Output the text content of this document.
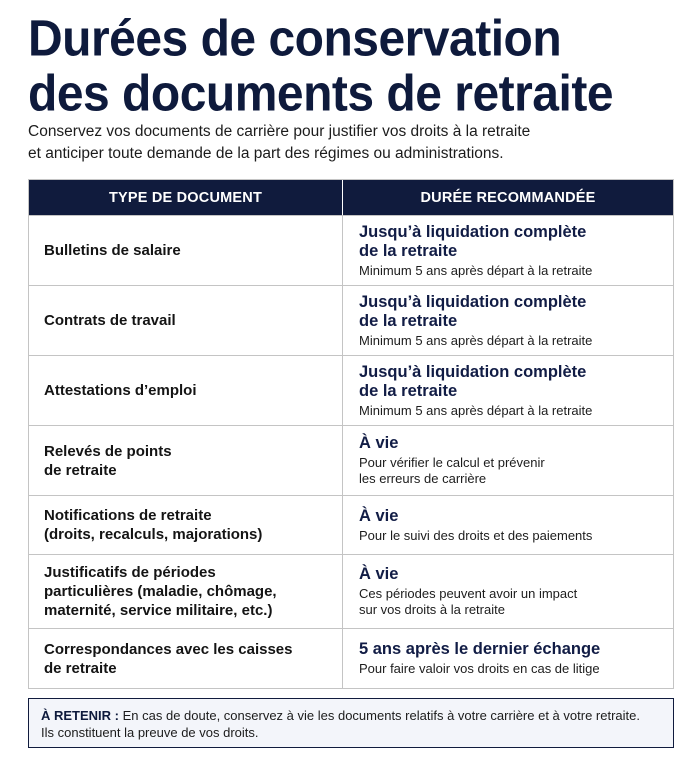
Durées de conservation
des documents de retraite

Conservez vos documents de carrière pour justifier vos droits à la retraite
et anticiper toute demande de la part des régimes ou administrations.

TYPE DE DOCUMENT	DURÉE RECOMMANDÉE
Bulletins de salaire
Jusqu’à liquidation complète
de la retraite
Minimum 5 ans après départ à la retraite
Contrats de travail
Jusqu’à liquidation complète
de la retraite
Minimum 5 ans après départ à la retraite
Attestations d’emploi
Jusqu’à liquidation complète
de la retraite
Minimum 5 ans après départ à la retraite
Relevés de points
de retraite
À vie
Pour vérifier le calcul et prévenir
les erreurs de carrière
Notifications de retraite
(droits, recalculs, majorations)
À vie
Pour le suivi des droits et des paiements
Justificatifs de périodes
particulières (maladie, chômage,
maternité, service militaire, etc.)
À vie
Ces périodes peuvent avoir un impact
sur vos droits à la retraite
Correspondances avec les caisses
de retraite
5 ans après le dernier échange
Pour faire valoir vos droits en cas de litige
À RETENIR : En cas de doute, conservez à vie les documents relatifs à votre carrière et à votre retraite.
Ils constituent la preuve de vos droits.
